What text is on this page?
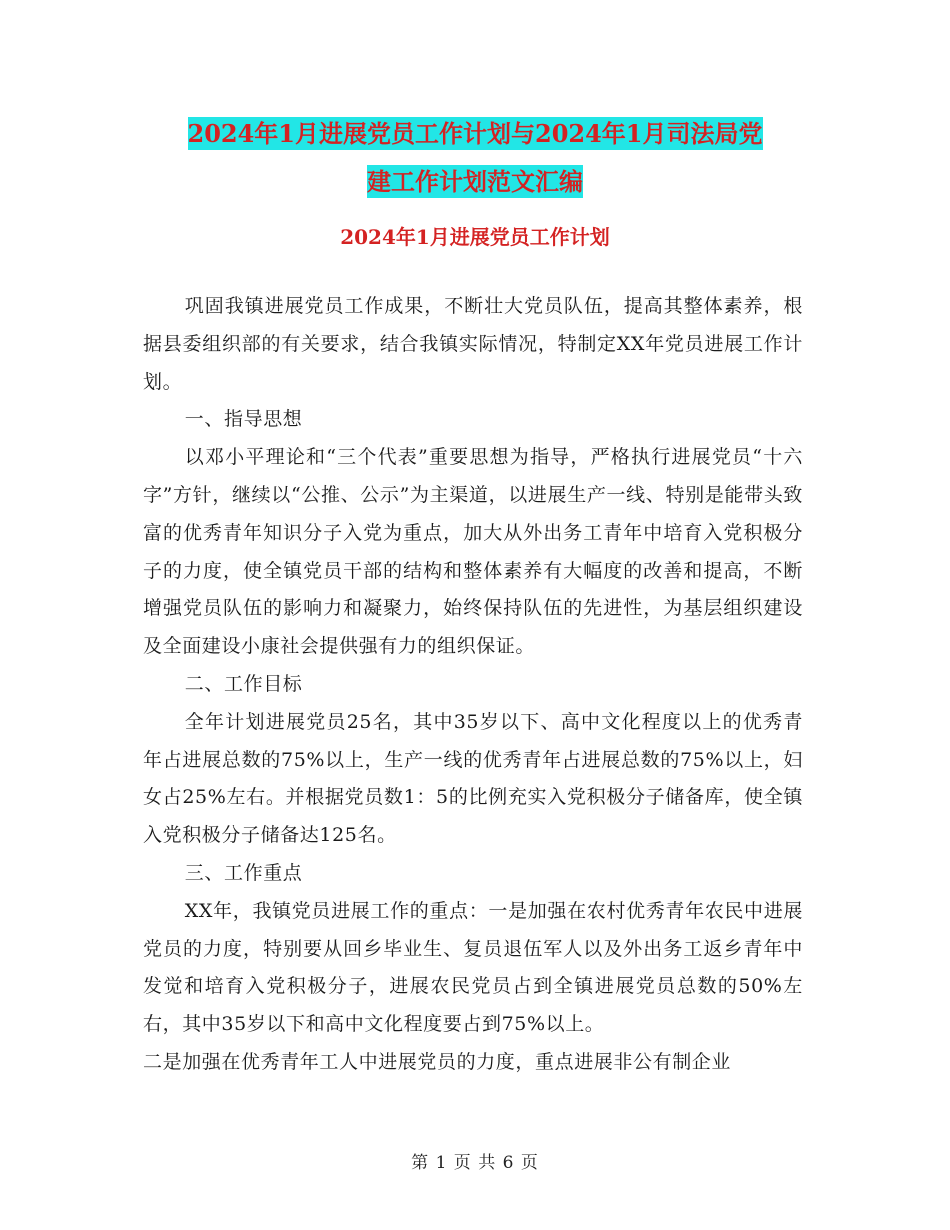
2024年1月进展党员工作计划与2024年1月司法局党
建工作计划范文汇编
2024年1月进展党员工作计划

巩固我镇进展党员工作成果，不断壮大党员队伍，提高其整体素养，根据县委组织部的有关要求，结合我镇实际情况，特制定XX年党员进展工作计划。

一、指导思想

以邓小平理论和“三个代表”重要思想为指导，严格执行进展党员“十六字”方针，继续以“公推、公示”为主渠道，以进展生产一线、特别是能带头致富的优秀青年知识分子入党为重点，加大从外出务工青年中培育入党积极分子的力度，使全镇党员干部的结构和整体素养有大幅度的改善和提高，不断增强党员队伍的影响力和凝聚力，始终保持队伍的先进性，为基层组织建设及全面建设小康社会提供强有力的组织保证。

二、工作目标

全年计划进展党员25名，其中35岁以下、高中文化程度以上的优秀青年占进展总数的75%以上，生产一线的优秀青年占进展总数的75%以上，妇女占25%左右。并根据党员数1：5的比例充实入党积极分子储备库，使全镇入党积极分子储备达125名。

三、工作重点

XX年，我镇党员进展工作的重点：一是加强在农村优秀青年农民中进展党员的力度，特别要从回乡毕业生、复员退伍军人以及外出务工返乡青年中发觉和培育入党积极分子，进展农民党员占到全镇进展党员总数的50%左右，其中35岁以下和高中文化程度要占到75%以上。

二是加强在优秀青年工人中进展党员的力度，重点进展非公有制企业

第 1 页 共 6 页
